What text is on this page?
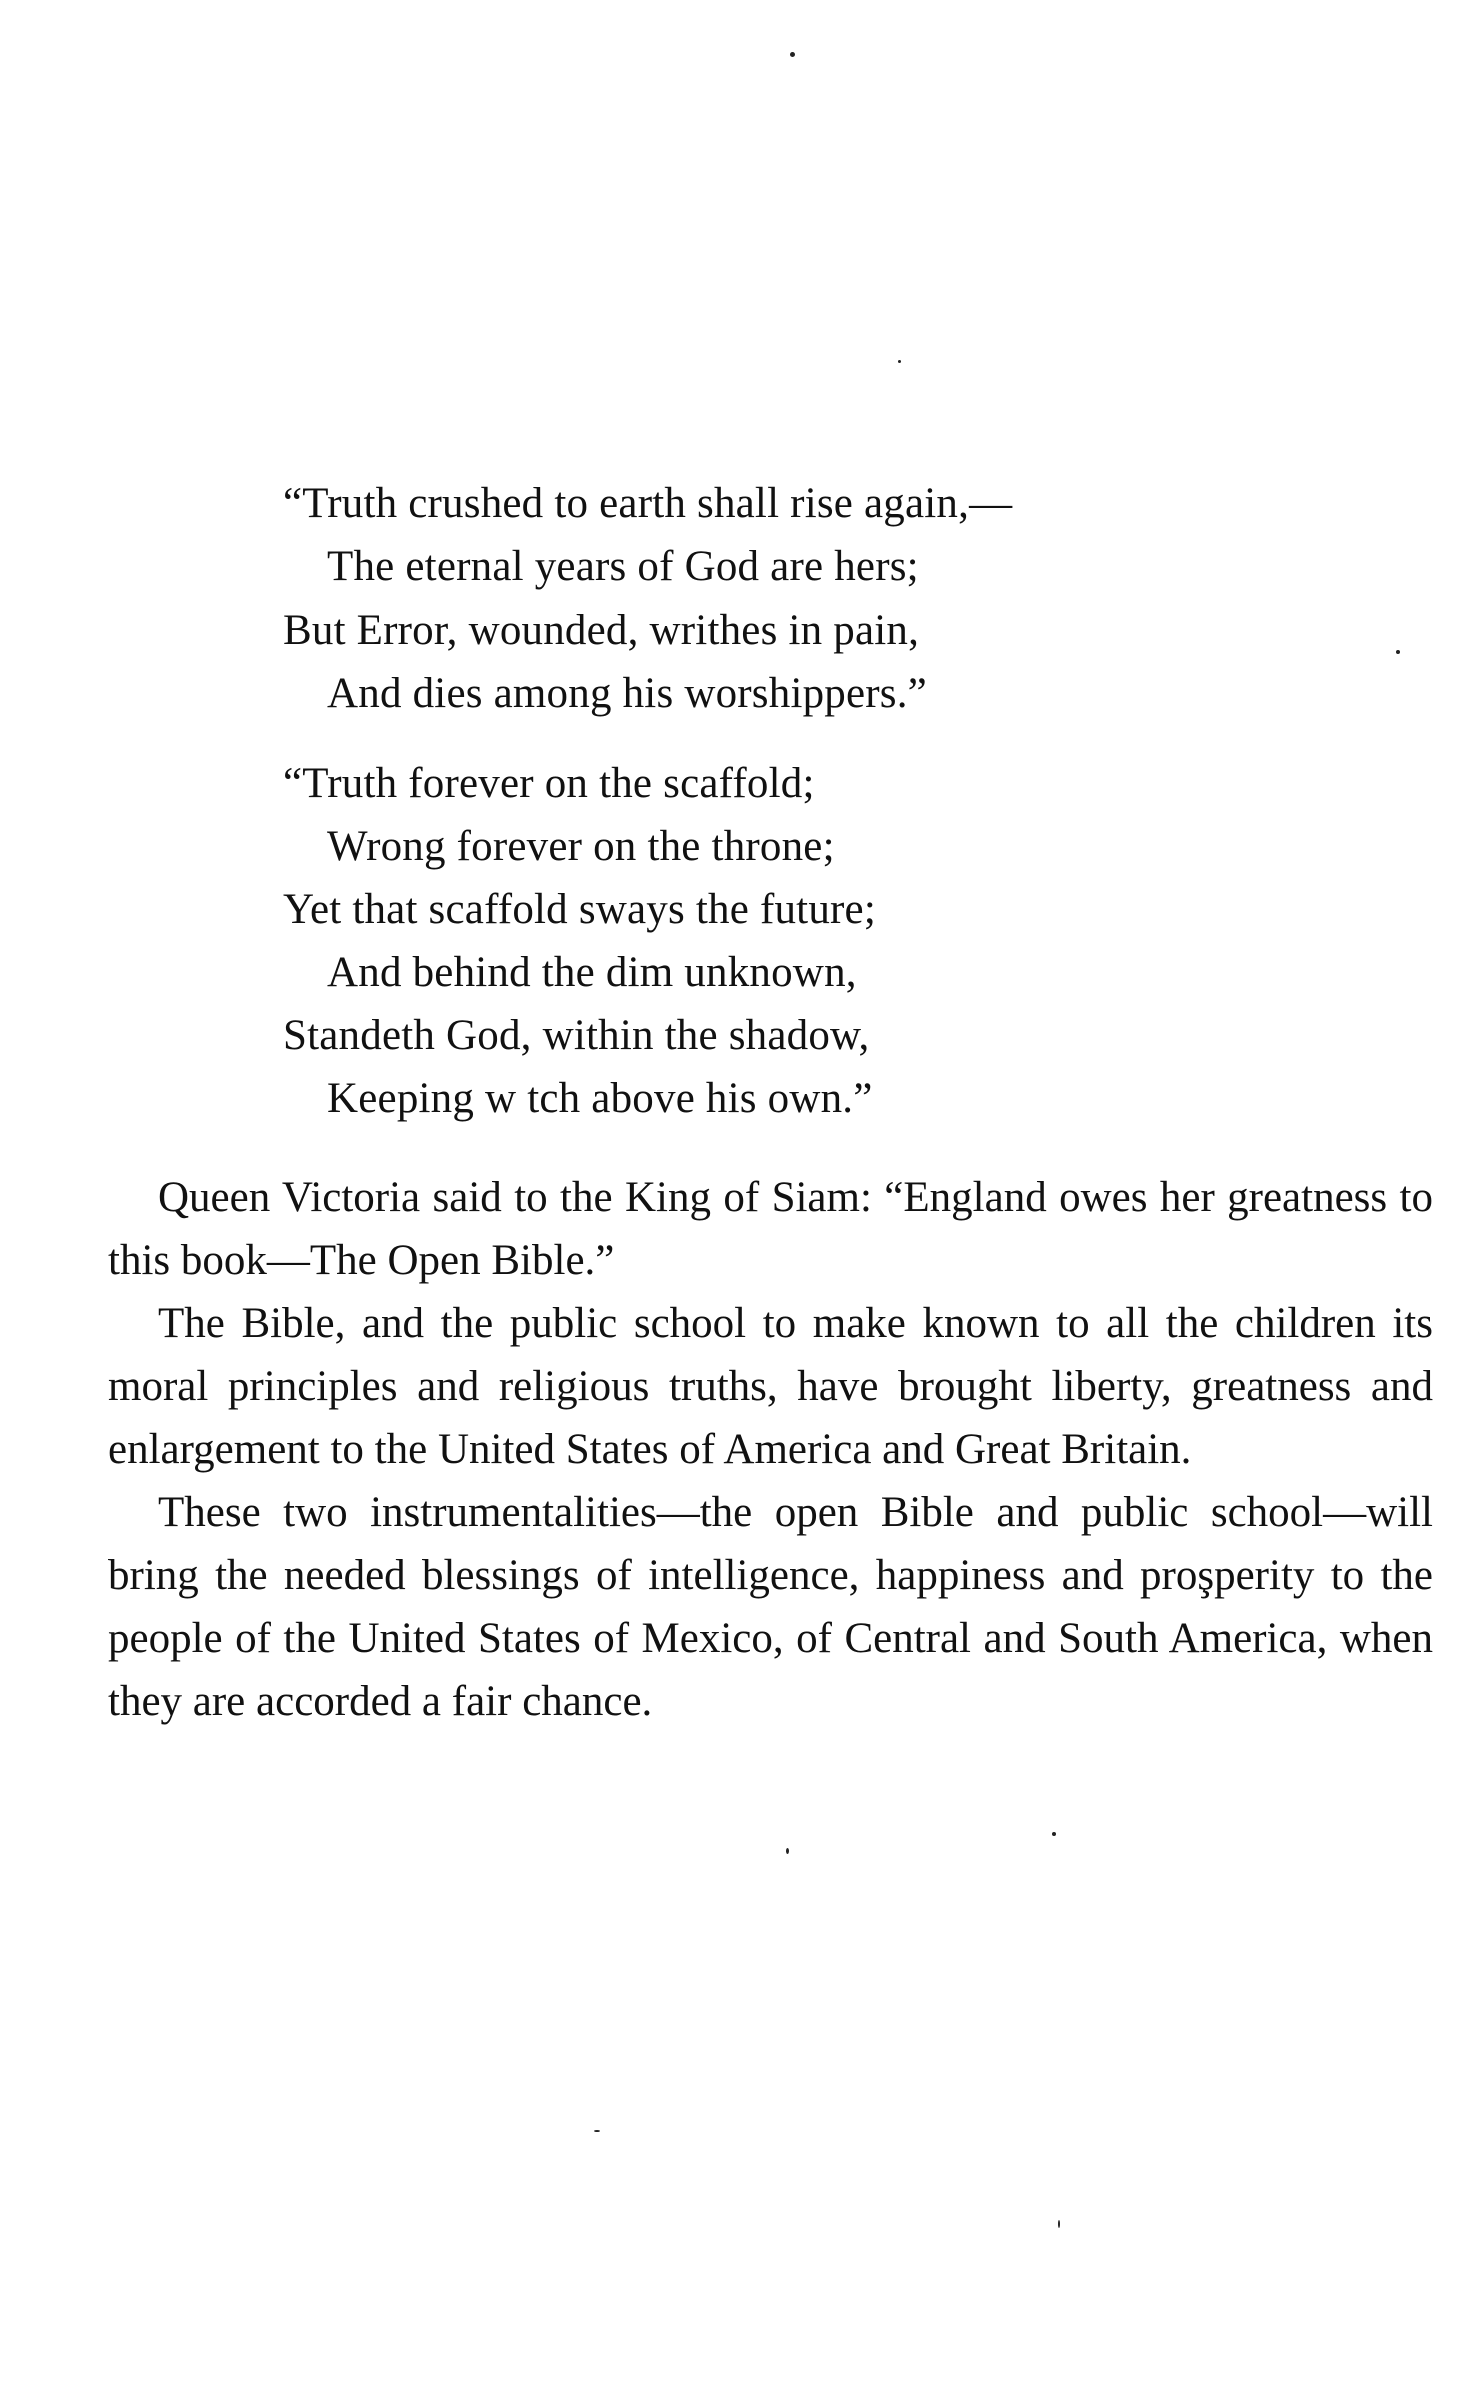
“Truth crushed to earth shall rise again,—
The eternal years of God are hers;
But Error, wounded, writhes in pain,
And dies among his worshippers.”
“Truth forever on the scaffold;
Wrong forever on the throne;
Yet that scaffold sways the future;
And behind the dim unknown,
Standeth God, within the shadow,
Keeping w tch above his own.”

Queen Victoria said to the King of Siam: “England owes her greatness to this book—The Open Bible.”

The Bible, and the public school to make known to all the children its moral principles and religious truths, have brought liberty, greatness and enlargement to the United States of America and Great Britain.

These two instrumentalities—the open Bible and public school—will bring the needed blessings of intelligence, happiness and proşperity to the people of the United States of Mexico, of Central and South America, when they are accorded a fair chance.
